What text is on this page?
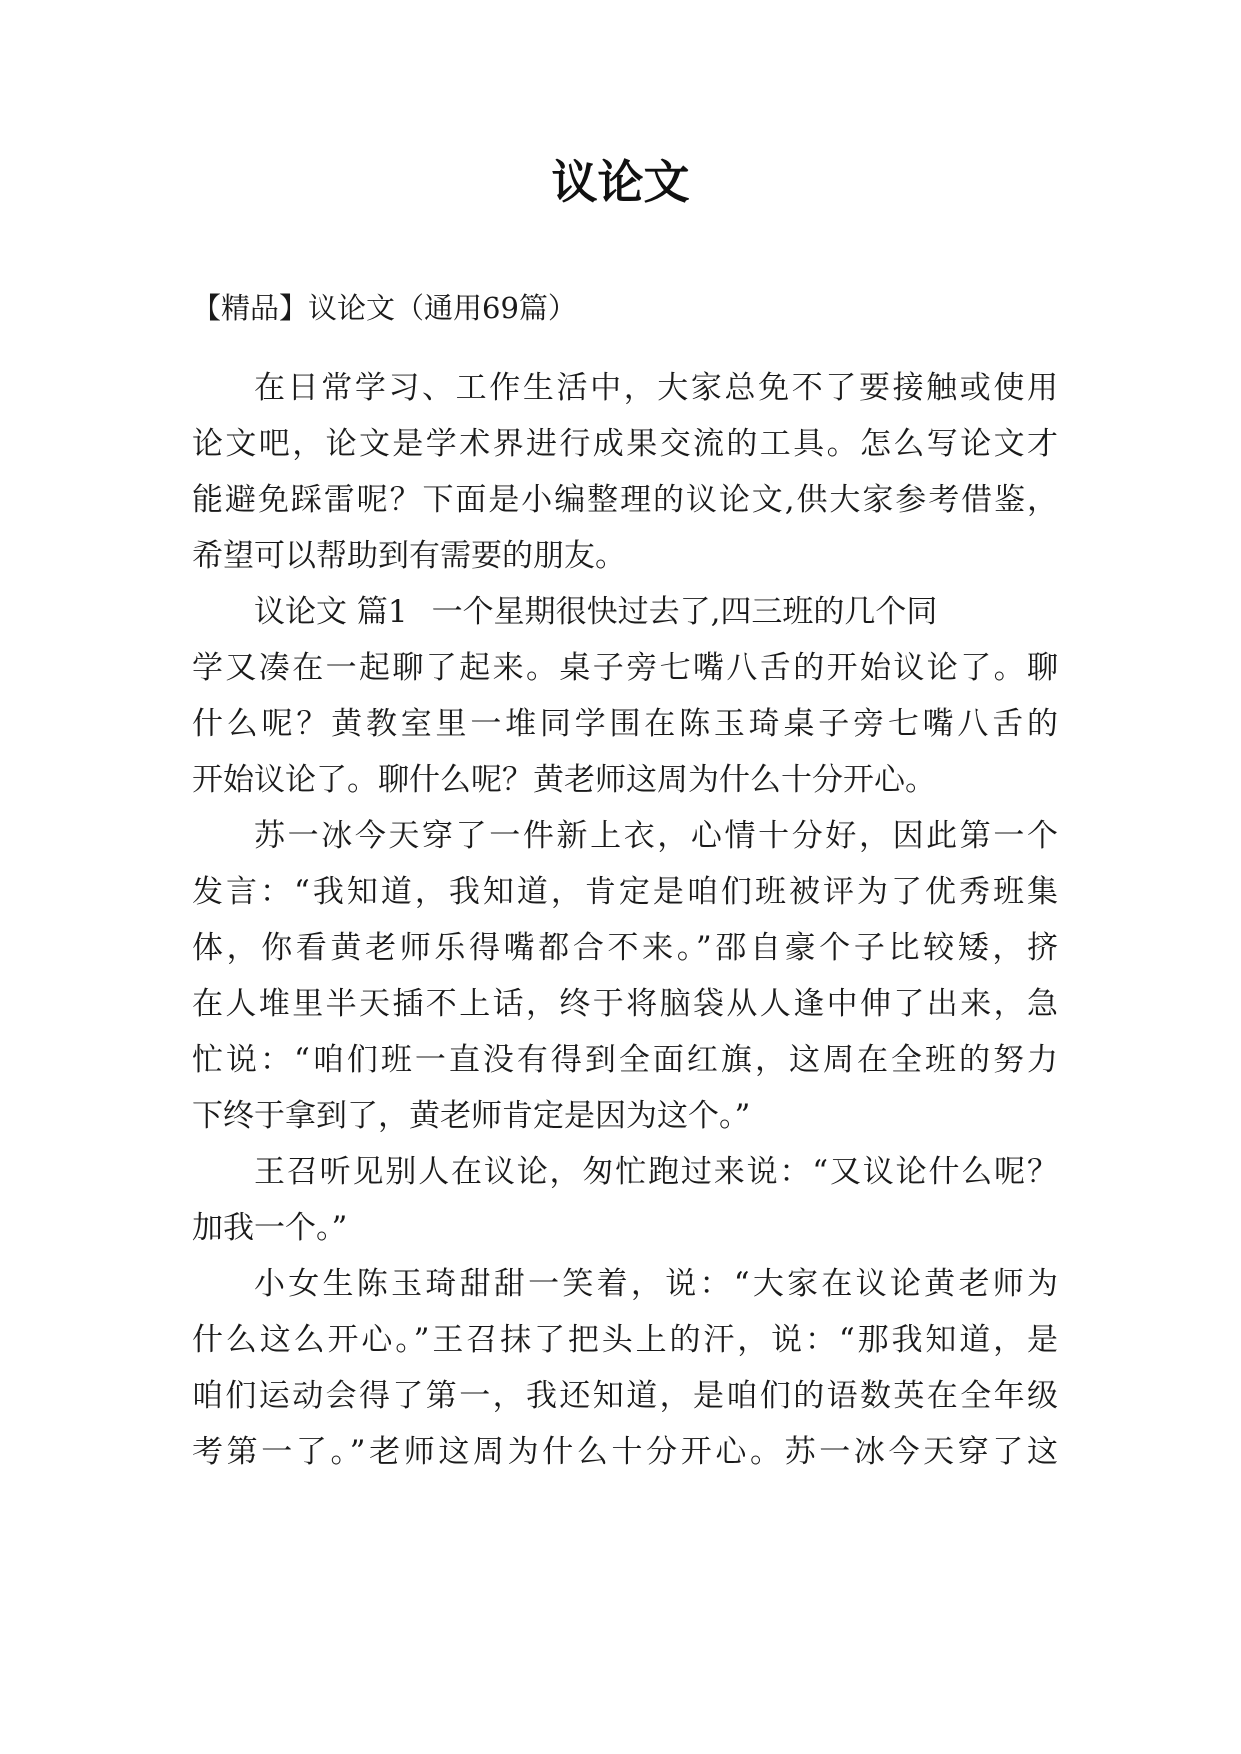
议论文

【精品】议论文（通用69篇）

在日常学习、工作生活中，大家总免不了要接触或使用

论文吧，论文是学术界进行成果交流的工具。怎么写论文才

能避免踩雷呢？下面是小编整理的议论文,供大家参考借鉴，

希望可以帮助到有需要的朋友。

议论文 篇1 一个星期很快过去了,四三班的几个同

学又凑在一起聊了起来。桌子旁七嘴八舌的开始议论了。聊

什么呢？黄教室里一堆同学围在陈玉琦桌子旁七嘴八舌的

开始议论了。聊什么呢？黄老师这周为什么十分开心。

苏一冰今天穿了一件新上衣，心情十分好，因此第一个

发言：“我知道，我知道，肯定是咱们班被评为了优秀班集

体，你看黄老师乐得嘴都合不来。”邵自豪个子比较矮，挤

在人堆里半天插不上话，终于将脑袋从人逢中伸了出来，急

忙说：“咱们班一直没有得到全面红旗，这周在全班的努力

下终于拿到了，黄老师肯定是因为这个。”

王召听见别人在议论，匆忙跑过来说：“又议论什么呢？

加我一个。”

小女生陈玉琦甜甜一笑着，说：“大家在议论黄老师为

什么这么开心。”王召抹了把头上的汗，说：“那我知道，是

咱们运动会得了第一，我还知道，是咱们的语数英在全年级

考第一了。”老师这周为什么十分开心。苏一冰今天穿了这
